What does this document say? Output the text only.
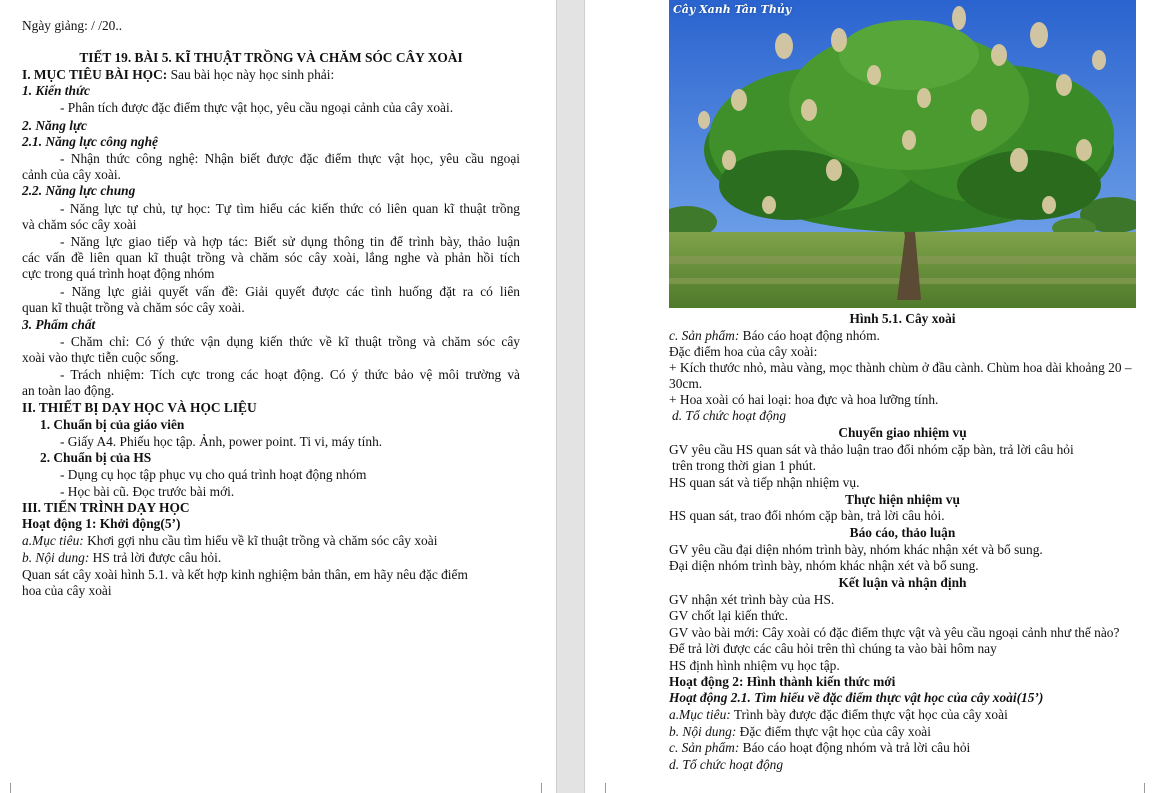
Ngày giảng: / /20..
TIẾT 19. BÀI 5. KĨ THUẬT TRỒNG VÀ CHĂM SÓC CÂY XOÀI
I. MỤC TIÊU BÀI HỌC: Sau bài học này học sinh phải:
1. Kiến thức
- Phân tích được đặc điểm thực vật học, yêu cầu ngoại cảnh của cây xoài.
2. Năng lực
2.1. Năng lực công nghệ
- Nhận thức công nghệ: Nhận biết được đặc điểm thực vật học, yêu cầu ngoại
cảnh của cây xoài.
2.2. Năng lực chung
- Năng lực tự chủ, tự học: Tự tìm hiểu các kiến thức có liên quan kĩ thuật trồng
và chăm sóc cây xoài
- Năng lực giao tiếp và hợp tác: Biết sử dụng thông tin để trình bày, thảo luận
các vấn đề liên quan kĩ thuật trồng và chăm sóc cây xoài, lắng nghe và phản hồi tích
cực trong quá trình hoạt động nhóm
- Năng lực giải quyết vấn đề: Giải quyết được các tình huống đặt ra có liên
quan kĩ thuật trồng và chăm sóc cây xoài.
3. Phẩm chất
- Chăm chỉ: Có ý thức vận dụng kiến thức về kĩ thuật trồng và chăm sóc cây
xoài vào thực tiễn cuộc sống.
- Trách nhiệm: Tích cực trong các hoạt động. Có ý thức bảo vệ môi trường và
an toàn lao động.
II. THIẾT BỊ DẠY HỌC VÀ HỌC LIỆU
1. Chuẩn bị của giáo viên
- Giấy A4. Phiếu học tập. Ảnh, power point. Ti vi, máy tính.
2. Chuẩn bị của HS
- Dụng cụ học tập phục vụ cho quá trình hoạt động nhóm
- Học bài cũ. Đọc trước bài mới.
III. TIẾN TRÌNH DẠY HỌC
Hoạt động 1: Khởi động(5’)
a.Mục tiêu: Khơi gợi nhu cầu tìm hiểu về kĩ thuật trồng và chăm sóc cây xoài
b. Nội dung: HS trả lời được câu hỏi.
Quan sát cây xoài hình 5.1. và kết hợp kinh nghiệm bản thân, em hãy nêu đặc điểm
hoa của cây xoài
Cây Xanh Tân Thủy
Hình 5.1. Cây xoài
c. Sản phẩm: Báo cáo hoạt động nhóm.
Đặc điểm hoa của cây xoài:
+ Kích thước nhỏ, màu vàng, mọc thành chùm ở đầu cành. Chùm hoa dài khoảng 20 –
30cm.
+ Hoa xoài có hai loại: hoa đực và hoa lưỡng tính.
d. Tổ chức hoạt động
Chuyển giao nhiệm vụ
GV yêu cầu HS quan sát và thảo luận trao đổi nhóm cặp bàn, trả lời câu hỏi
trên trong thời gian 1 phút.
HS quan sát và tiếp nhận nhiệm vụ.
Thực hiện nhiệm vụ
HS quan sát, trao đổi nhóm cặp bàn, trả lời câu hỏi.
Báo cáo, thảo luận
GV yêu cầu đại diện nhóm trình bày, nhóm khác nhận xét và bổ sung.
Đại diện nhóm trình bày, nhóm khác nhận xét và bổ sung.
Kết luận và nhận định
GV nhận xét trình bày của HS.
GV chốt lại kiến thức.
GV vào bài mới: Cây xoài có đặc điểm thực vật và yêu cầu ngoại cảnh như thế nào?
Để trả lời được các câu hỏi trên thì chúng ta vào bài hôm nay
HS định hình nhiệm vụ học tập.
Hoạt động 2: Hình thành kiến thức mới
Hoạt động 2.1. Tìm hiểu về đặc điểm thực vật học của cây xoài(15’)
a.Mục tiêu: Trình bày được đặc điểm thực vật học của cây xoài
b. Nội dung: Đặc điểm thực vật học của cây xoài
c. Sản phẩm: Báo cáo hoạt động nhóm và trả lời câu hỏi
d. Tổ chức hoạt động
